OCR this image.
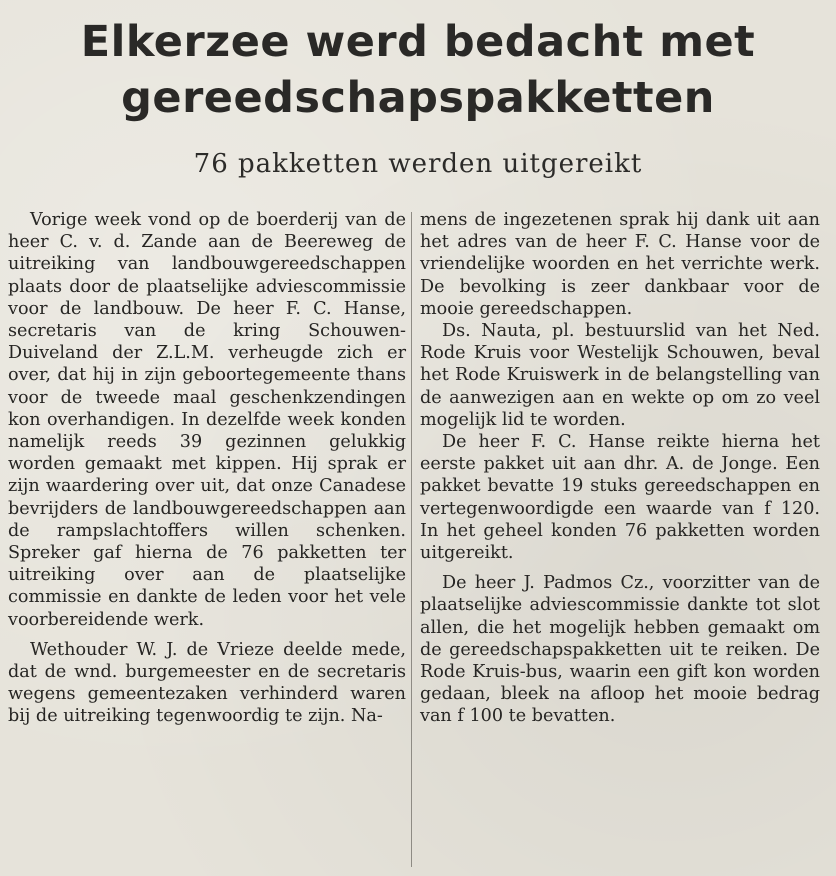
Elkerzee werd bedacht met
gereedschapspakketten
76 pakketten werden uitgereikt

Vorige week vond op de boerderij van de heer C. v. d. Zande aan de Beereweg de uitreiking van landbouwgereedschappen plaats door de plaatselijke adviescommissie voor de landbouw. De heer F. C. Hanse, secretaris van de kring Schouwen-Duiveland der Z.L.M. verheugde zich er over, dat hij in zijn geboortegemeente thans voor de tweede maal geschenkzendingen kon overhandigen. In dezelfde week konden namelijk reeds 39 gezinnen gelukkig worden gemaakt met kippen. Hij sprak er zijn waardering over uit, dat onze Canadese bevrijders de landbouwgereedschappen aan de rampslachtoffers willen schenken. Spreker gaf hierna de 76 pakketten ter uitreiking over aan de plaatselijke commissie en dankte de leden voor het vele voorbereidende werk.

Wethouder W. J. de Vrieze deelde mede, dat de wnd. burgemeester en de secretaris wegens gemeentezaken verhinderd waren bij de uitreiking tegenwoordig te zijn. Na-

mens de ingezetenen sprak hij dank uit aan het adres van de heer F. C. Hanse voor de vriendelijke woorden en het verrichte werk. De bevolking is zeer dankbaar voor de mooie gereedschappen.

Ds. Nauta, pl. bestuurslid van het Ned. Rode Kruis voor Westelijk Schouwen, beval het Rode Kruiswerk in de belangstelling van de aanwezigen aan en wekte op om zo veel mogelijk lid te worden.

De heer F. C. Hanse reikte hierna het eerste pakket uit aan dhr. A. de Jonge. Een pakket bevatte 19 stuks gereedschappen en vertegenwoordigde een waarde van f 120. In het geheel konden 76 pakketten worden uitgereikt.

De heer J. Padmos Cz., voorzitter van de plaatselijke adviescommissie dankte tot slot allen, die het mogelijk hebben gemaakt om de gereedschapspakketten uit te reiken. De Rode Kruis-bus, waarin een gift kon worden gedaan, bleek na afloop het mooie bedrag van f 100 te bevatten.
